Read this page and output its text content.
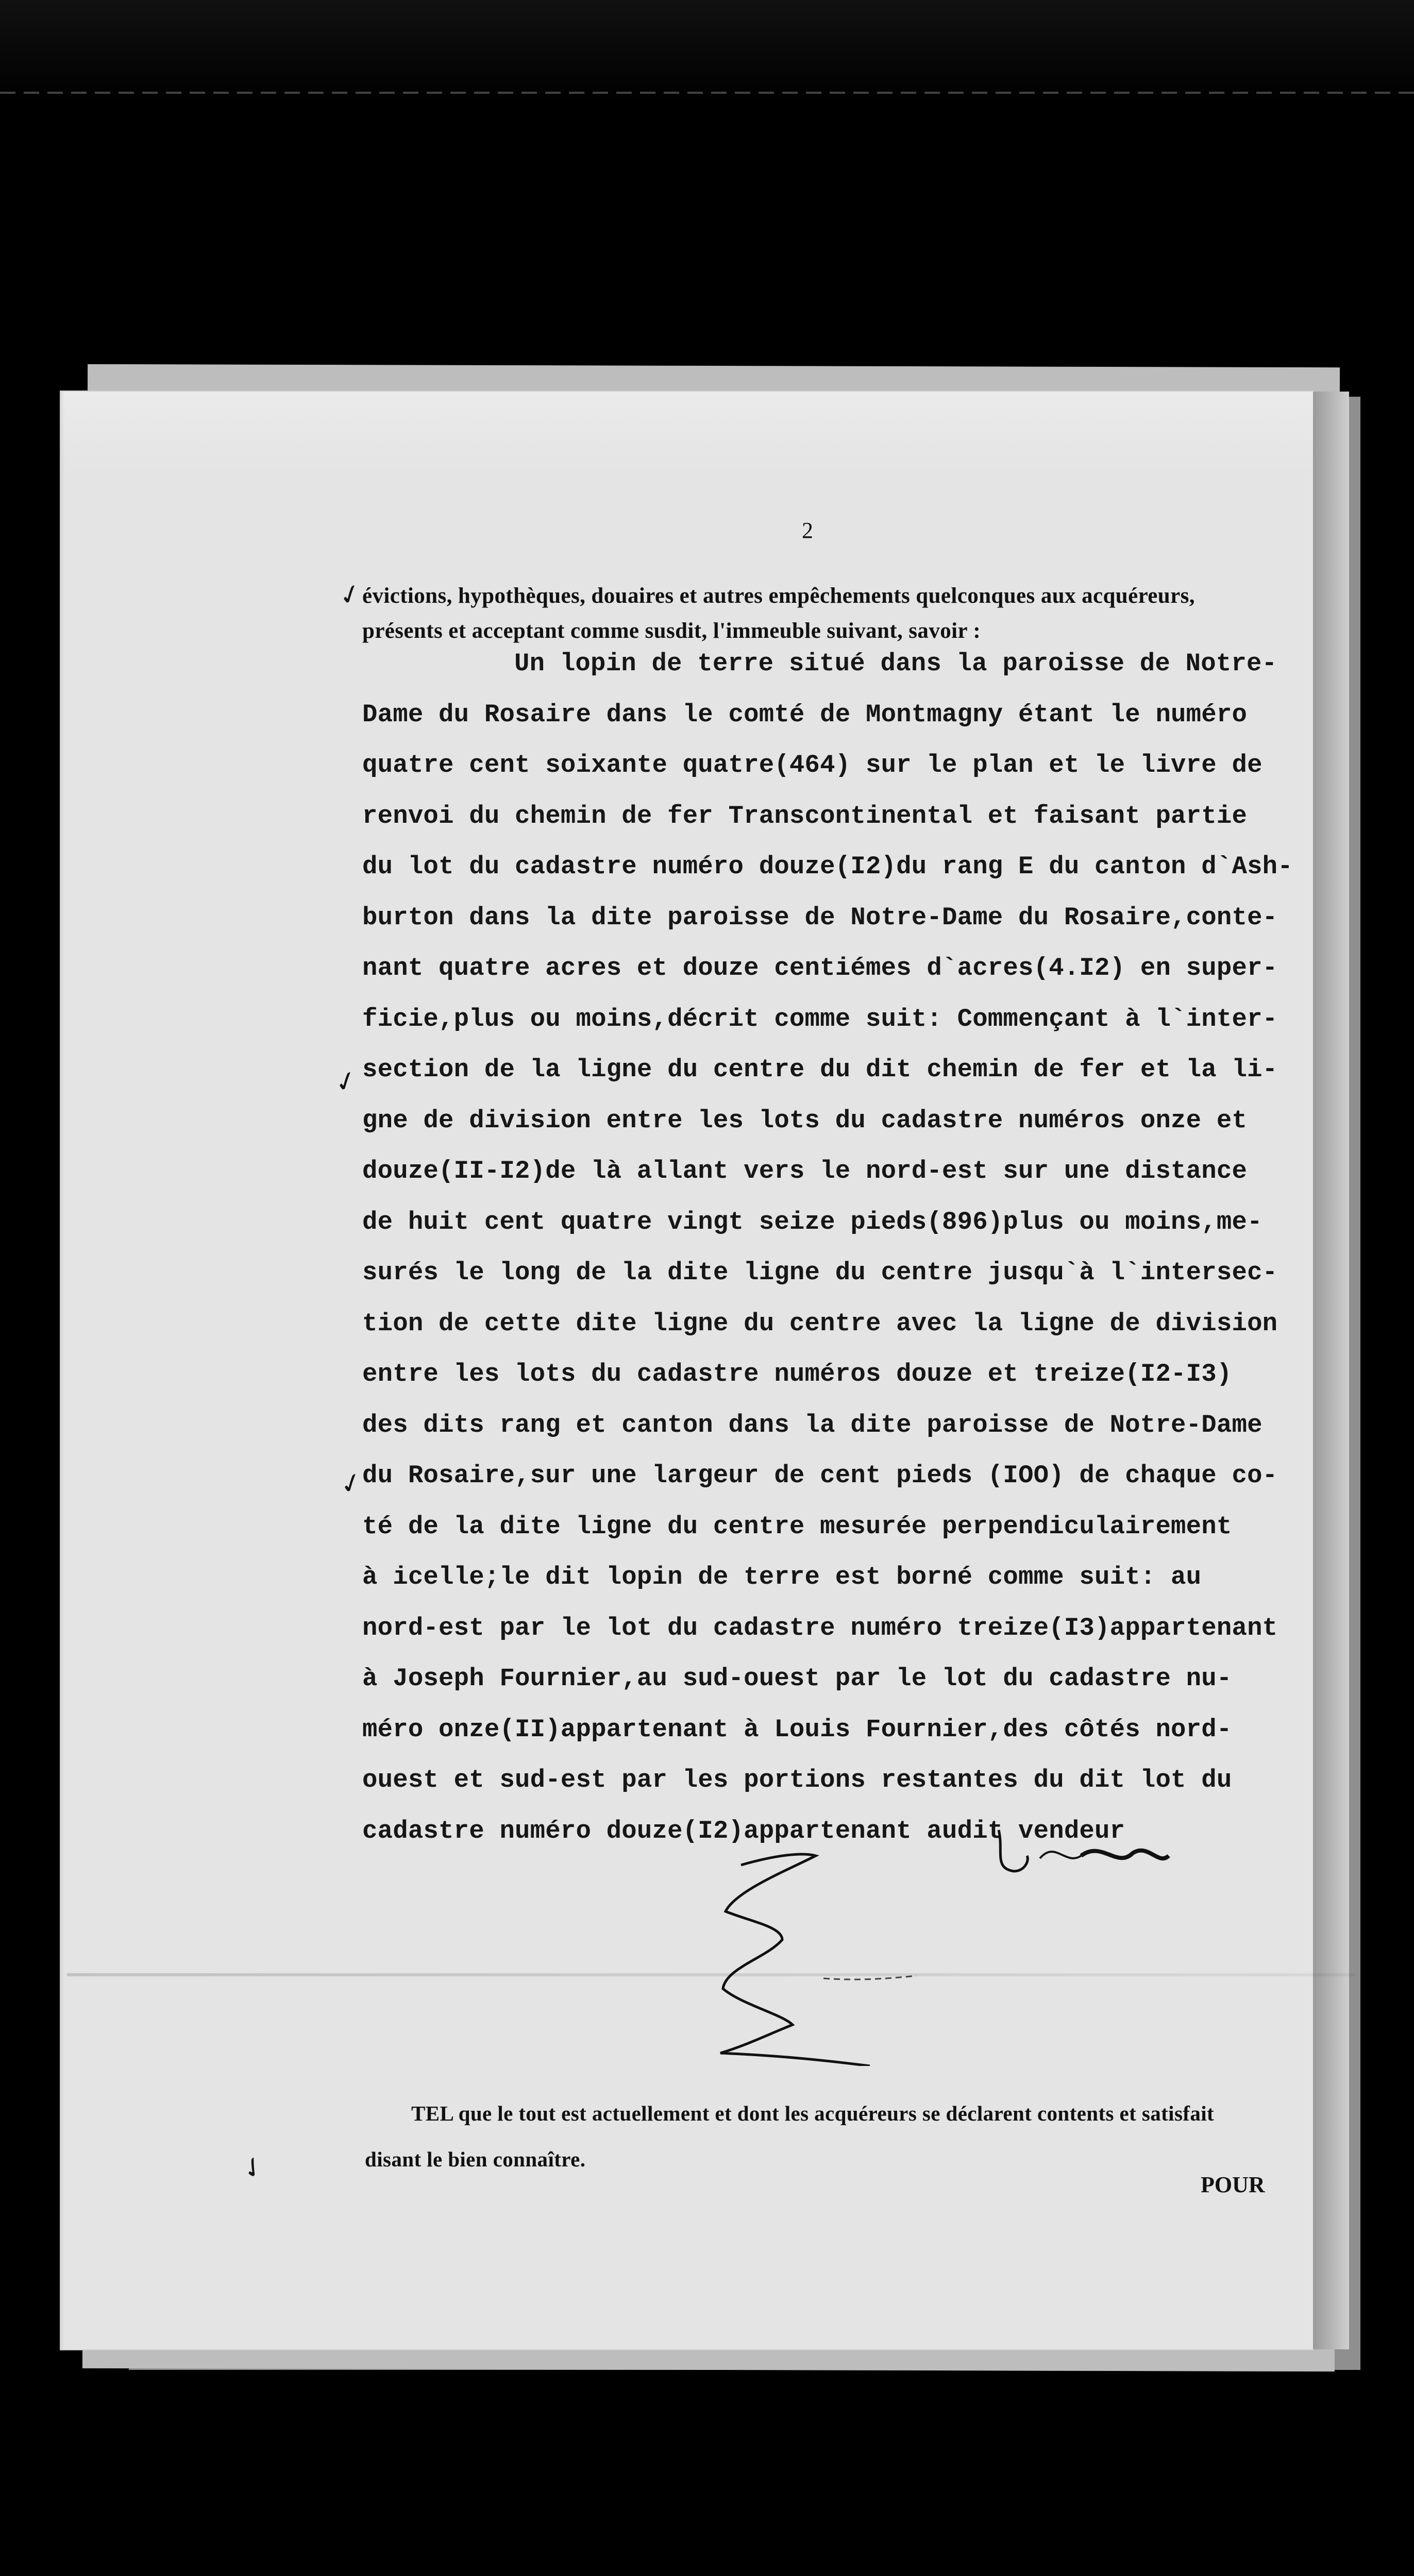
2
évictions, hypothèques, douaires et autres empêchements quelconques aux acquéreurs,
présents et acceptant comme susdit, l'immeuble suivant, savoir :
Un lopin de terre situé dans la paroisse de Notre-
Dame du Rosaire dans le comté de Montmagny étant le numéro
quatre cent soixante quatre(464) sur le plan et le livre de
renvoi du chemin de fer Transcontinental et faisant partie
du lot du cadastre numéro douze(I2)du rang E du canton d`Ash-
burton dans la dite paroisse de Notre-Dame du Rosaire,conte-
nant quatre acres et douze centiémes d`acres(4.I2) en super-
ficie,plus ou moins,décrit comme suit: Commençant à l`inter-
section de la ligne du centre du dit chemin de fer et la li-
gne de division entre les lots du cadastre numéros onze et
douze(II-I2)de là allant vers le nord-est sur une distance
de huit cent quatre vingt seize pieds(896)plus ou moins,me-
surés le long de la dite ligne du centre jusqu`à l`intersec-
tion de cette dite ligne du centre avec la ligne de division
entre les lots du cadastre numéros douze et treize(I2-I3)
des dits rang et canton dans la dite paroisse de Notre-Dame
du Rosaire,sur une largeur de cent pieds (IOO) de chaque co-
té de la dite ligne du centre mesurée perpendiculairement
à icelle;le dit lopin de terre est borné comme suit: au
nord-est par le lot du cadastre numéro treize(I3)appartenant
à Joseph Fournier,au sud-ouest par le lot du cadastre nu-
méro onze(II)appartenant à Louis Fournier,des côtés nord-
ouest et sud-est par les portions restantes du dit lot du
cadastre numéro douze(I2)appartenant audit vendeur
TEL que le tout est actuellement et dont les acquéreurs se déclarent contents et satisfait
disant le bien connaître.
POUR
✓
✓
✓
✓
